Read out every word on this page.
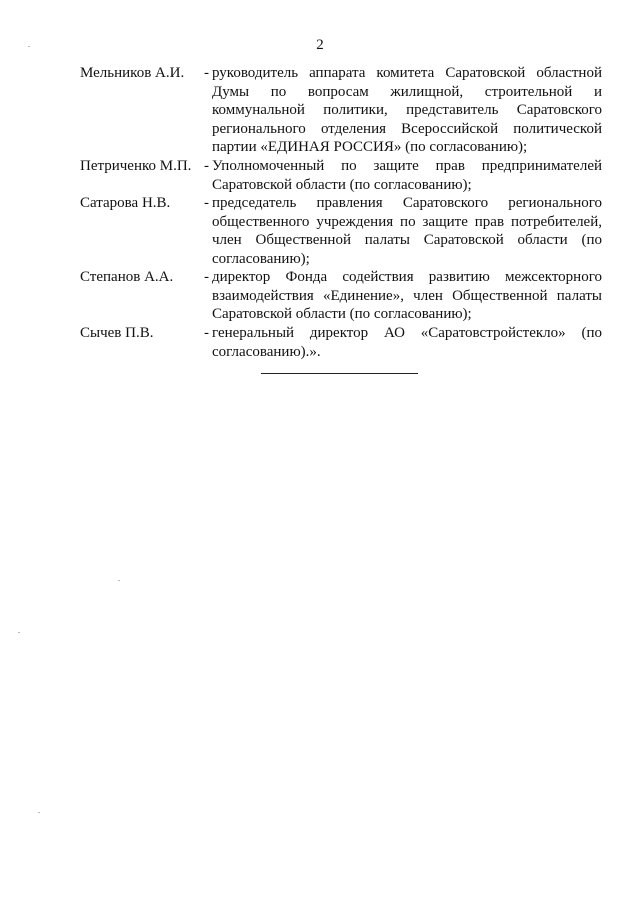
2
Мельников А.И.	- руководитель аппарата комитета Саратовской областной Думы по вопросам жилищной, строительной и коммунальной политики, представитель Саратовского регионального отделения Всероссийской политической партии «ЕДИНАЯ РОССИЯ» (по согласованию);
Петриченко М.П. - Уполномоченный по защите прав предпринимателей Саратовской области (по согласованию);
Сатарова Н.В.	- председатель правления Саратовского регионального общественного учреждения по защите прав потребителей, член Общественной палаты Саратовской области (по согласованию);
Степанов А.А.	- директор Фонда содействия развитию межсекторного взаимодействия «Единение», член Общественной палаты Саратовской области (по согласованию);
Сычев П.В.	- генеральный директор АО «Саратовстройстекло» (по согласованию).».
